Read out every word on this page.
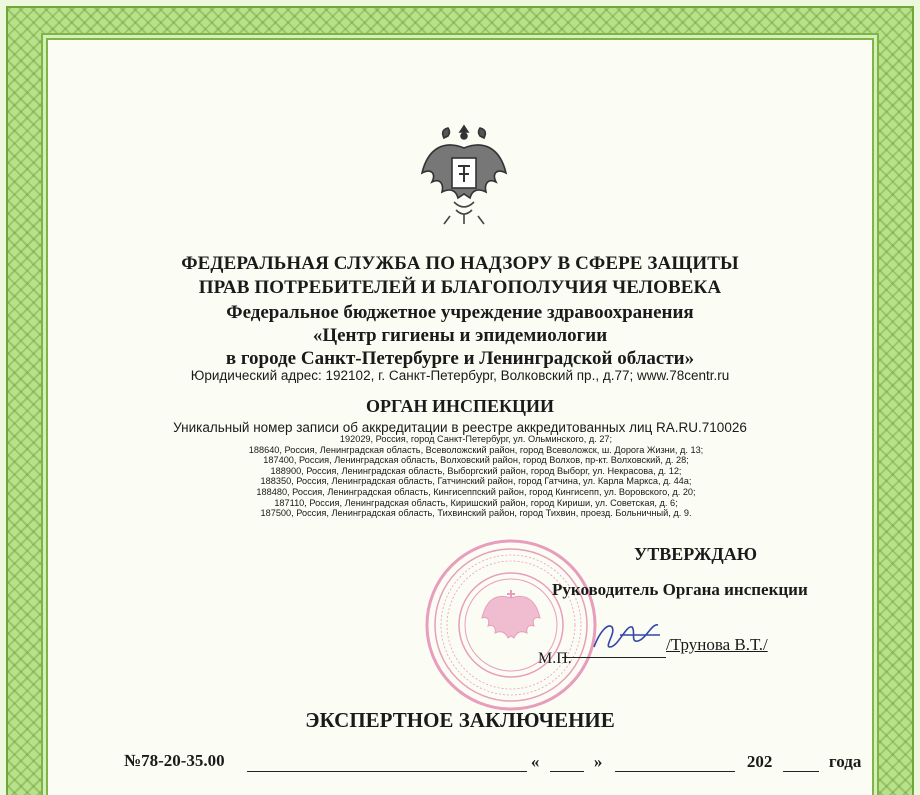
ФЕДЕРАЛЬНАЯ СЛУЖБА ПО НАДЗОРУ В СФЕРЕ ЗАЩИТЫ
ПРАВ ПОТРЕБИТЕЛЕЙ И БЛАГОПОЛУЧИЯ ЧЕЛОВЕКА
Федеральное бюджетное учреждение здравоохранения
«Центр гигиены и эпидемиологии
в городе Санкт-Петербурге и Ленинградской области»
Юридический адрес: 192102, г. Санкт-Петербург, Волковский пр., д.77; www.78centr.ru
ОРГАН ИНСПЕКЦИИ
Уникальный номер записи об аккредитации в реестре аккредитованных лиц RA.RU.710026
192029, Россия, город Санкт-Петербург, ул. Ольминского, д. 27;
188640, Россия, Ленинградская область, Всеволожский район, город Всеволожск, ш. Дорога Жизни, д. 13;
187400, Россия, Ленинградская область, Волховский район, город Волхов, пр-кт. Волховский, д. 28;
188900, Россия, Ленинградская область, Выборгский район, город Выборг, ул. Некрасова, д. 12;
188350, Россия, Ленинградская область, Гатчинский район, город Гатчина, ул. Карла Маркса, д. 44а;
188480, Россия, Ленинградская область, Кингисеппский район, город Кингисепп, ул. Воровского, д. 20;
187110, Россия, Ленинградская область, Киришский район, город Кириши, ул. Советская, д. 6;
187500, Россия, Ленинградская область, Тихвинский район, город Тихвин, проезд. Больничный, д. 9.
УТВЕРЖДАЮ
Руководитель Органа инспекции
/Трунова В.Т./
М.П.
ЭКСПЕРТНОЕ ЗАКЛЮЧЕНИЕ
№78-20-35.00	«	»	202	года
